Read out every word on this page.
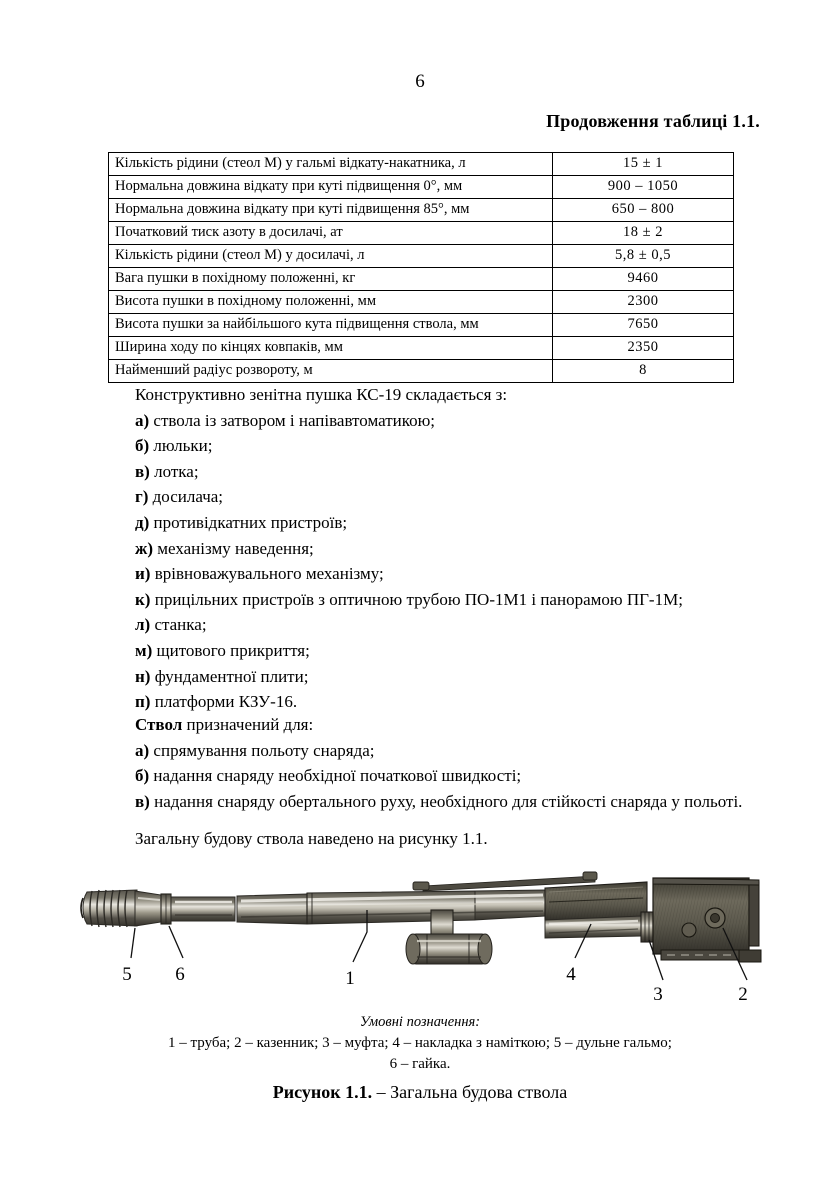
6
Продовження таблиці 1.1.
Кількість рідини (стеол М) у гальмі відкату-накатника, л	15 ± 1
Нормальна довжина відкату при куті підвищення 0°, мм	900 – 1050
Нормальна довжина відкату при куті підвищення 85°, мм	650 – 800
Початковий тиск азоту в досилачі, ат	18 ± 2
Кількість рідини (стеол М) у досилачі, л	5,8 ± 0,5
Вага пушки в похідному положенні, кг	9460
Висота пушки в похідному положенні, мм	2300
Висота пушки за найбільшого кута підвищення ствола, мм	7650
Ширина ходу по кінцях ковпаків, мм	2350
Найменший радіус розвороту, м	8

Конструктивно зенітна пушка КС-19 складається з:

а) ствола із затвором і напівавтоматикою;

б) люльки;

в) лотка;

г) досилача;

д) противідкатних пристроїв;

ж) механізму наведення;

и) врівноважувального механізму;

к) прицільних пристроїв з оптичною трубою ПО-1М1 і панорамою ПГ-1М;

л) станка;

м) щитового прикриття;

н) фундаментної плити;

п) платформи КЗУ-16.

Ствол призначений для:

а) спрямування польоту снаряда;

б) надання снаряду необхідної початкової швидкості;

в) надання снаряду обертального руху, необхідного для стійкості снаряда у польоті.

Загальну будову ствола наведено на рисунку 1.1.

5 6	1	4
3	2
Умовні позначення:
1 – труба; 2 – казенник; 3 – муфта; 4 – накладка з наміткою; 5 – дульне гальмо;
6 – гайка.
Рисунок 1.1. – Загальна будова ствола
